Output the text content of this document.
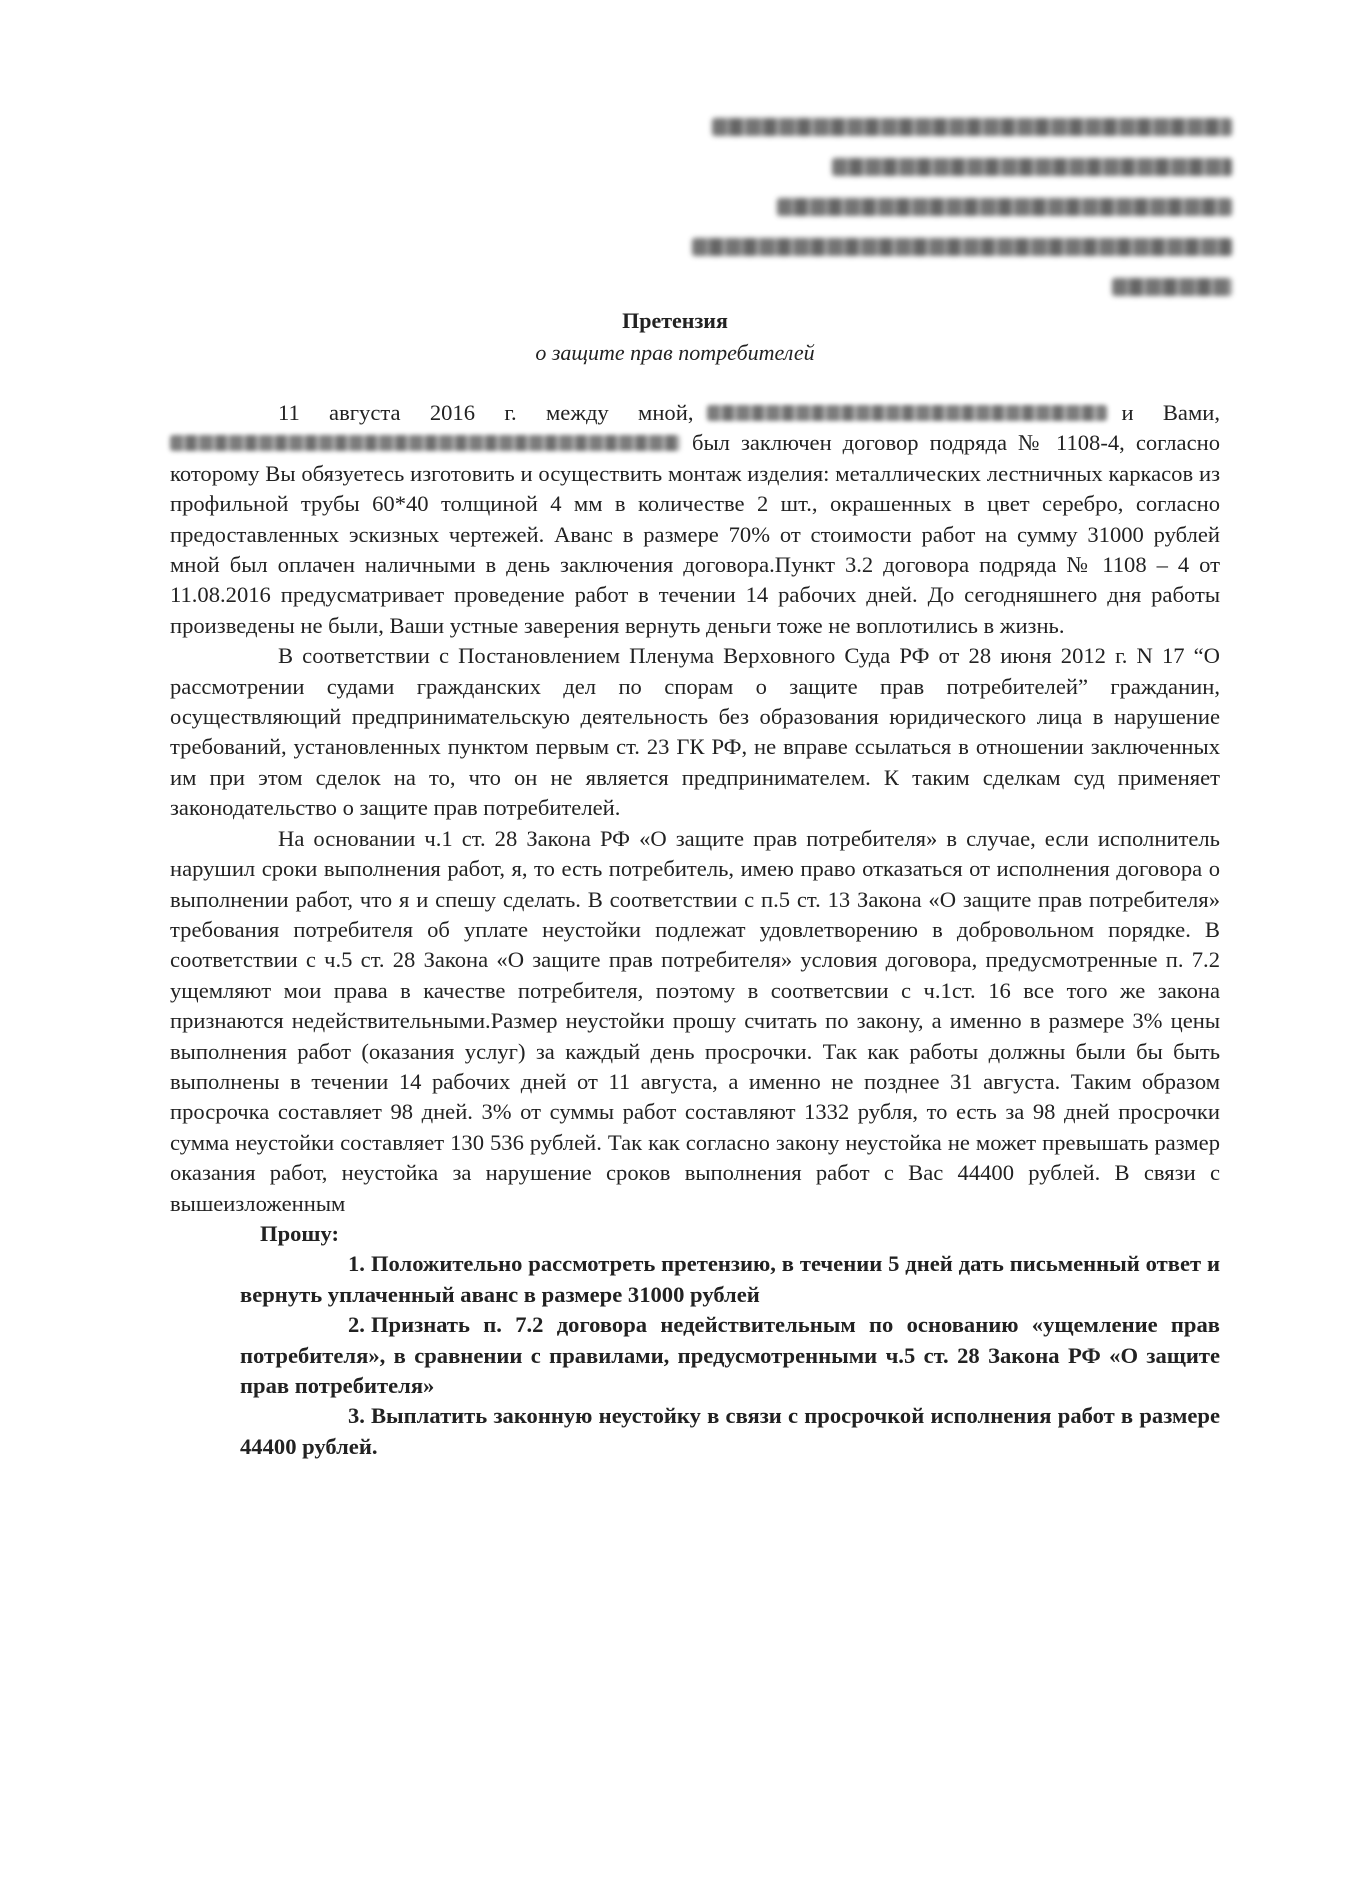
Претензия
о защите прав потребителей

11 августа 2016 г. между мной,	и Вами, был заключен договор подряда № 1108-4, согласно которому Вы обязуетесь изготовить и осуществить монтаж изделия: металлических лестничных каркасов из профильной трубы 60*40 толщиной 4 мм в количестве 2 шт., окрашенных в цвет серебро, согласно предоставленных эскизных чертежей. Аванс в размере 70% от стоимости работ на сумму 31000 рублей мной был оплачен наличными в день заключения договора.Пункт 3.2 договора подряда № 1108 – 4 от 11.08.2016 предусматривает проведение работ в течении 14 рабочих дней. До сегодняшнего дня работы произведены не были, Ваши устные заверения вернуть деньги тоже не воплотились в жизнь.

В соответствии с Постановлением Пленума Верховного Суда РФ от 28 июня 2012 г. N 17 “О рассмотрении судами гражданских дел по спорам о защите прав потребителей” гражданин, осуществляющий предпринимательскую деятельность без образования юридического лица в нарушение требований, установленных пунктом первым ст. 23 ГК РФ, не вправе ссылаться в отношении заключенных им при этом сделок на то, что он не является предпринимателем. К таким сделкам суд применяет законодательство о защите прав потребителей.

На основании ч.1 ст. 28 Закона РФ «О защите прав потребителя» в случае, если исполнитель нарушил сроки выполнения работ, я, то есть потребитель, имею право отказаться от исполнения договора о выполнении работ, что я и спешу сделать. В соответствии с п.5 ст. 13 Закона «О защите прав потребителя» требования потребителя об уплате неустойки подлежат удовлетворению в добровольном порядке. В соответствии с ч.5 ст. 28 Закона «О защите прав потребителя» условия договора, предусмотренные п. 7.2 ущемляют мои права в качестве потребителя, поэтому в соответсвии с ч.1ст. 16 все того же закона признаются недействительными.Размер неустойки прошу считать по закону, а именно в размере 3% цены выполнения работ (оказания услуг) за каждый день просрочки. Так как работы должны были бы быть выполнены в течении 14 рабочих дней от 11 августа, а именно не позднее 31 августа. Таким образом просрочка составляет 98 дней. 3% от суммы работ составляют 1332 рубля, то есть за 98 дней просрочки сумма неустойки составляет 130 536 рублей. Так как согласно закону неустойка не может превышать размер оказания работ, неустойка за нарушение сроков выполнения работ с Вас 44400 рублей. В связи с вышеизложенным

Прошу:

1. Положительно рассмотреть претензию, в течении 5 дней дать письменный ответ и вернуть уплаченный аванс в размере 31000 рублей
2. Признать п. 7.2 договора недействительным по основанию «ущемление прав потребителя», в сравнении с правилами, предусмотренными ч.5 ст. 28 Закона РФ «О защите прав потребителя»
3. Выплатить законную неустойку в связи с просрочкой исполнения работ в размере 44400 рублей.
